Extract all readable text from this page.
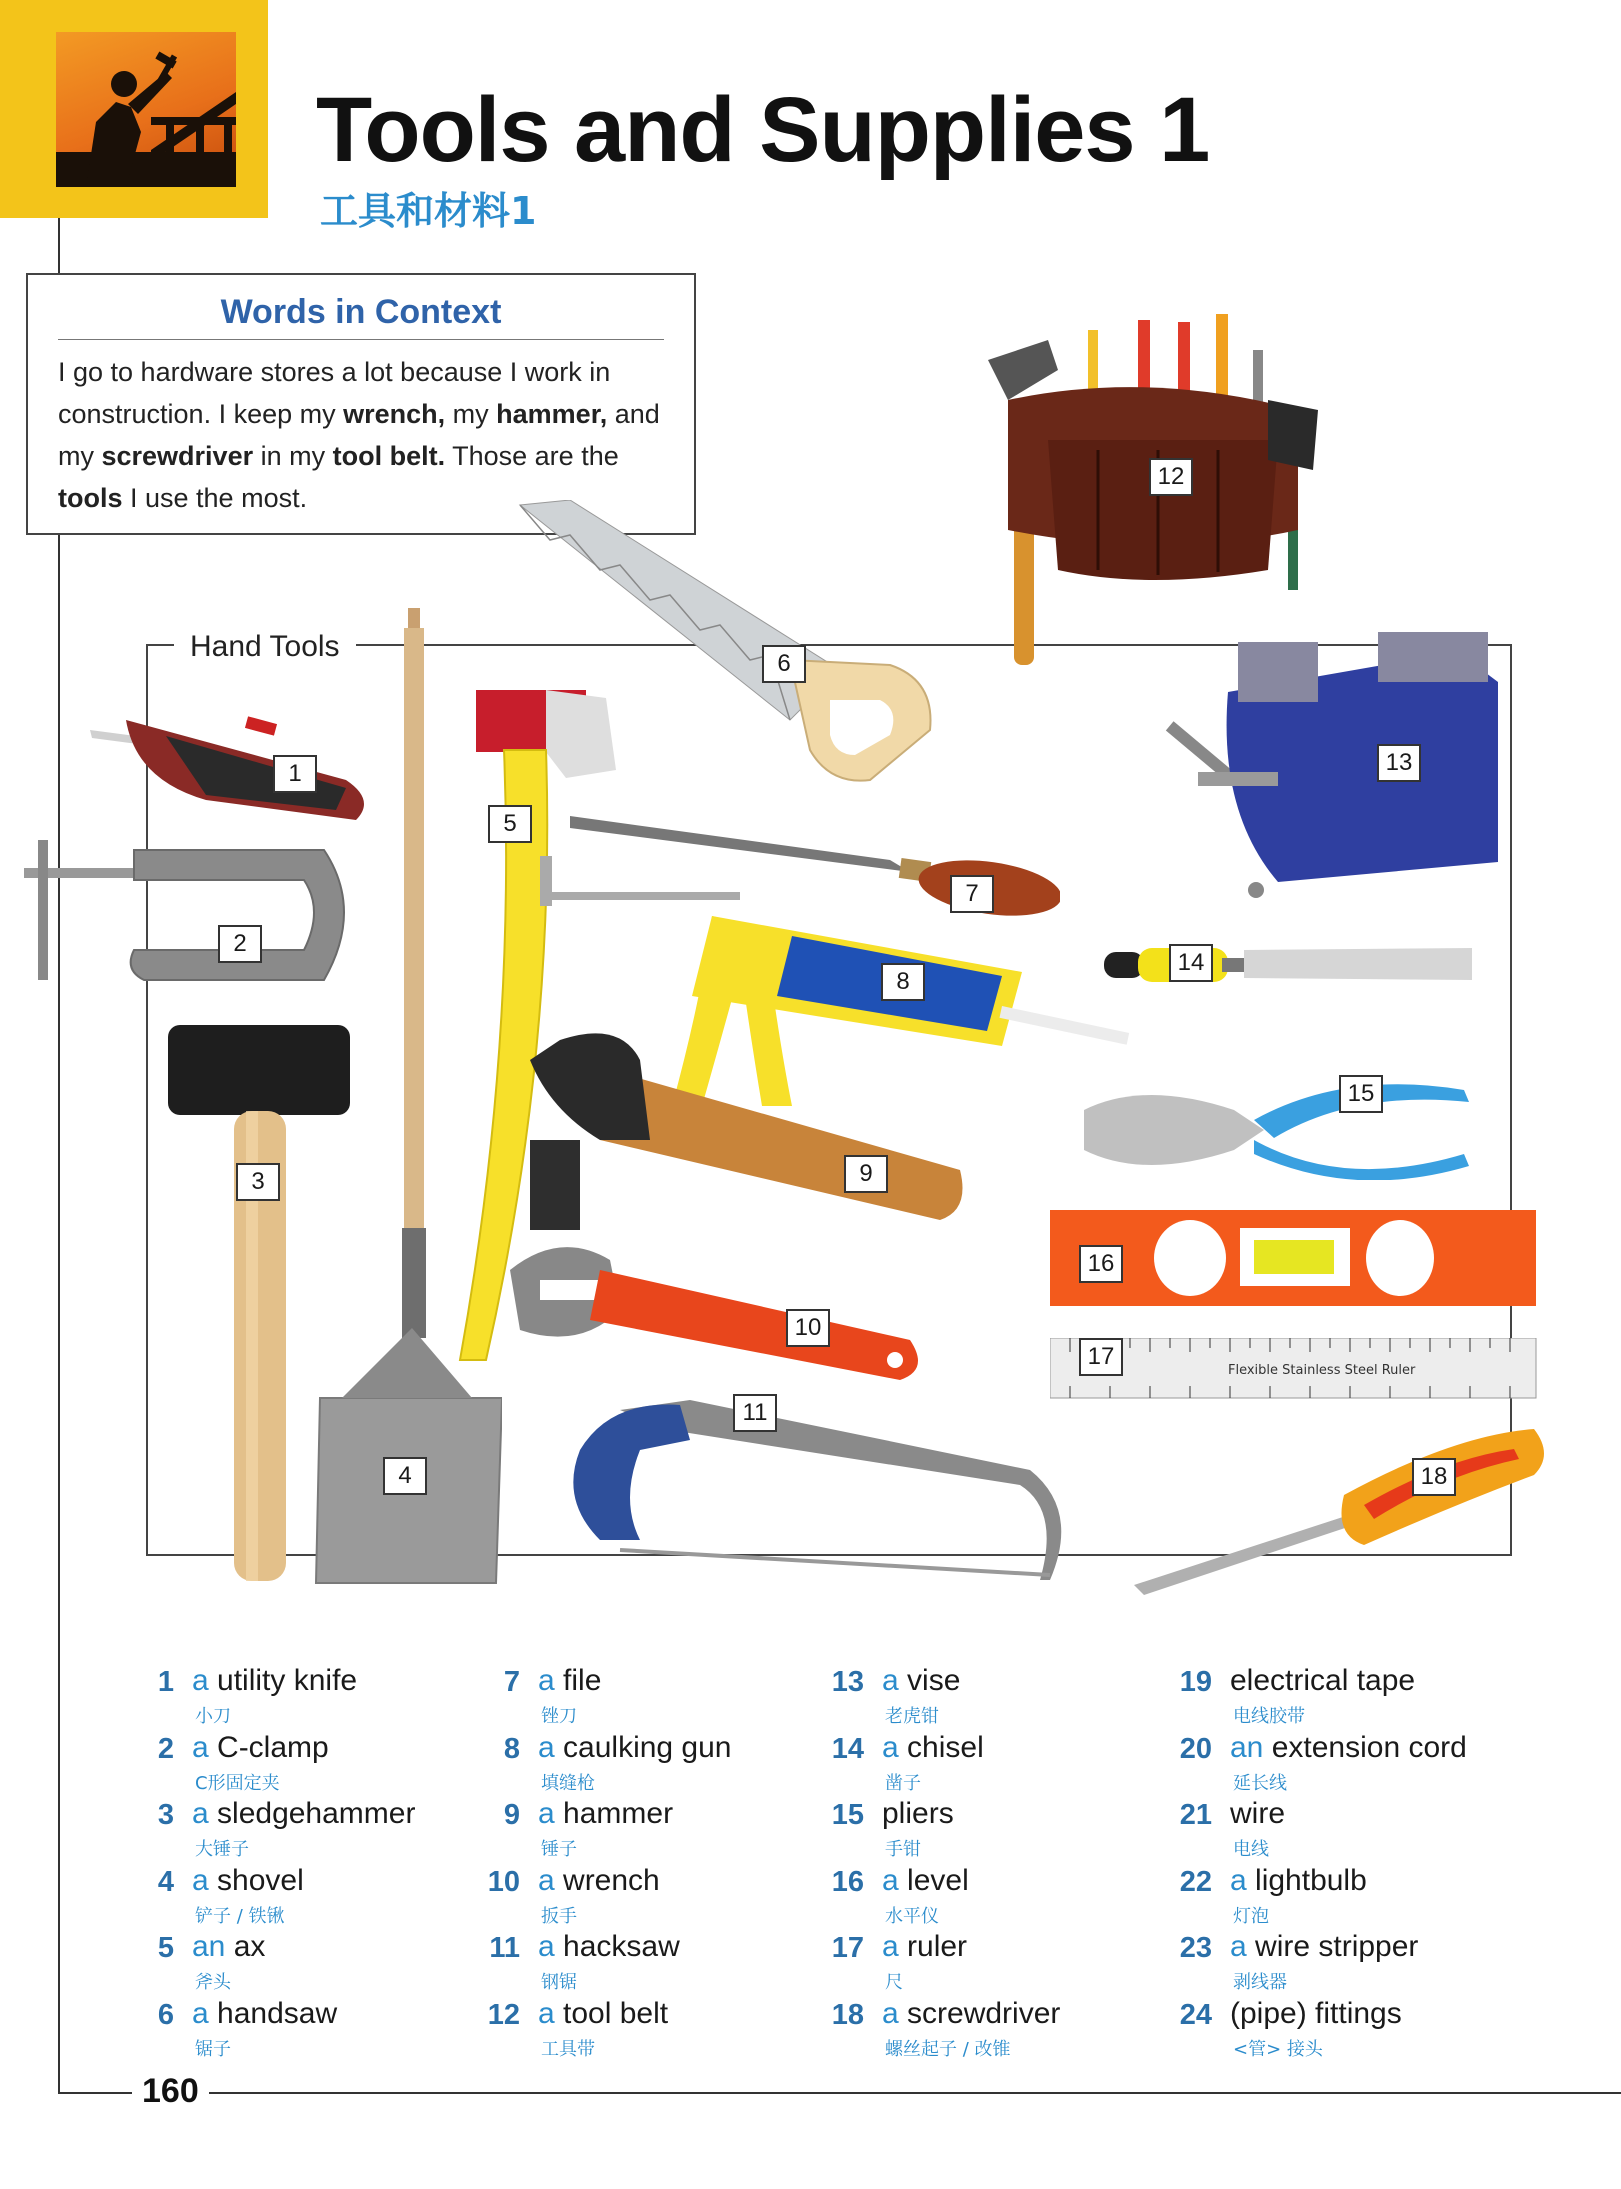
Tools and Supplies 1
工具和材料1
Words in Context
I go to hardware stores a lot because I work in construction. I keep my wrench, my hammer, and my screwdriver in my tool belt. Those are the tools I use the most.
Hand Tools
Flexible Stainless Steel Ruler
1
2
3
4
5
6
7
8
9
10
11
12
13
14
15
16
17
18
1 a utility knife
小刀
2 a C-clamp
C形固定夹
3 a sledgehammer
大锤子
4 a shovel
铲子 / 铁锹
5 an ax
斧头
6 a handsaw
锯子
7 a file
锉刀
8 a caulking gun
填缝枪
9 a hammer
锤子
10 a wrench
扳手
11 a hacksaw
钢锯
12 a tool belt
工具带
13 a vise
老虎钳
14 a chisel
凿子
15 pliers
手钳
16 a level
水平仪
17 a ruler
尺
18 a screwdriver
螺丝起子 / 改锥
19 electrical tape
电线胶带
20 an extension cord
延长线
21 wire
电线
22 a lightbulb
灯泡
23 a wire stripper
剥线器
24 (pipe) fittings
<管> 接头
160
